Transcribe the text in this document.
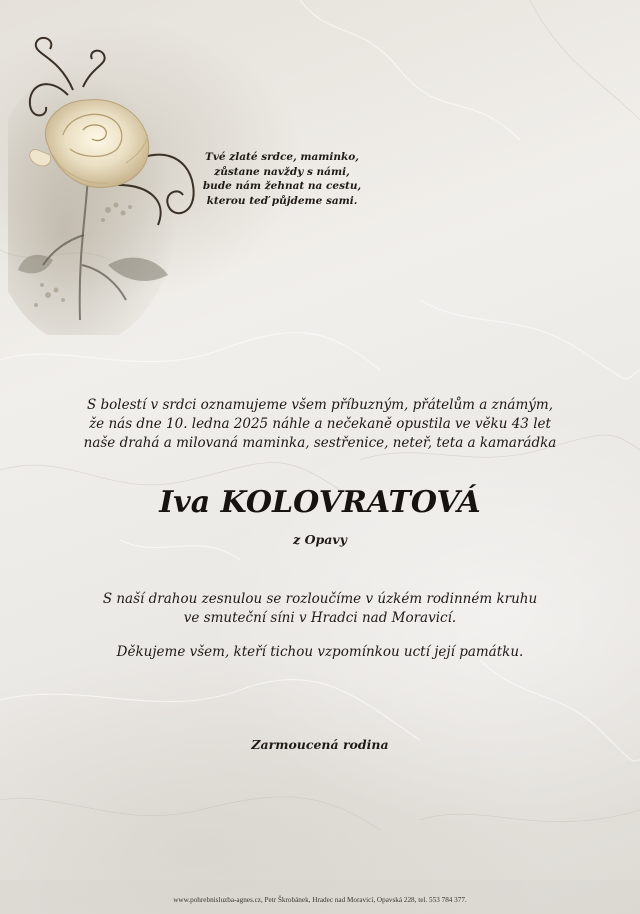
Tvé zlaté srdce, maminko,
zůstane navždy s námi,
bude nám žehnat na cestu,
kterou teď půjdeme sami.
S bolestí v srdci oznamujeme všem příbuzným, přátelům a známým,
že nás dne 10. ledna 2025 náhle a nečekaně opustila ve věku 43 let
naše drahá a milovaná maminka, sestřenice, neteř, teta a kamarádka
Iva KOLOVRATOVÁ
z Opavy
S naší drahou zesnulou se rozloučíme v úzkém rodinném kruhu
ve smuteční síni v Hradci nad Moravicí.
Děkujeme všem, kteří tichou vzpomínkou uctí její památku.
Zarmoucená rodina
www.pohrebnisluzba-agnes.cz, Petr Škrobánek, Hradec nad Moravicí, Opavská 228, tel. 553 784 377.
